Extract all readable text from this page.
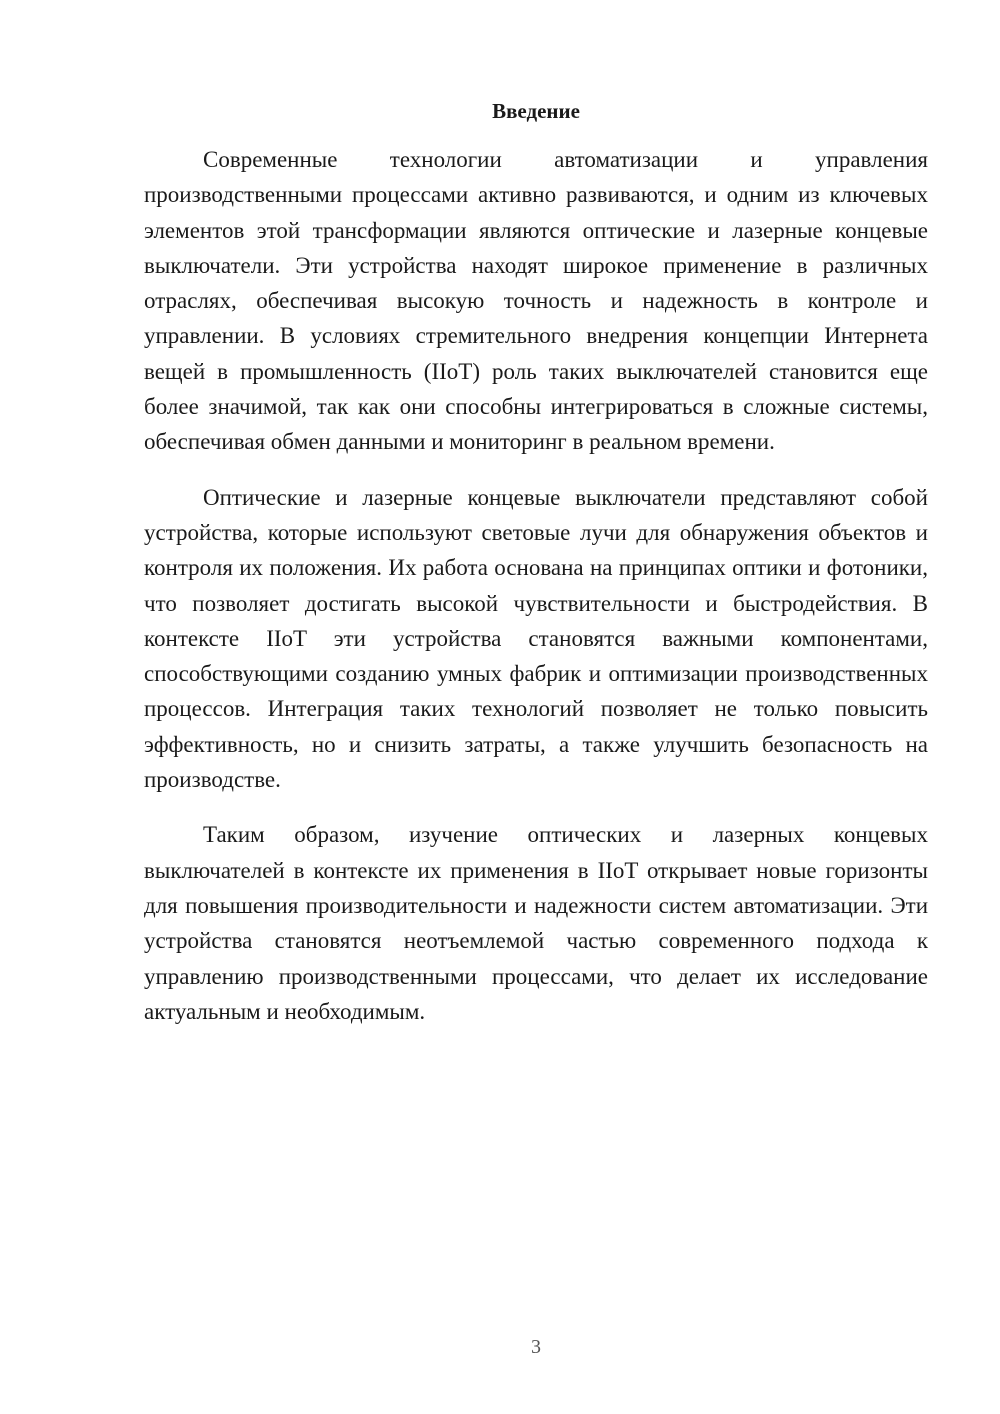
Введение

Современные технологии автоматизации и управления производственными процессами активно развиваются, и одним из ключевых элементов этой трансформации являются оптические и лазерные концевые выключатели. Эти устройства находят широкое применение в различных отраслях, обеспечивая высокую точность и надежность в контроле и управлении. В условиях стремительного внедрения концепции Интернета вещей в промышленность (IIoT) роль таких выключателей становится еще более значимой, так как они способны интегрироваться в сложные системы, обеспечивая обмен данными и мониторинг в реальном времени.

Оптические и лазерные концевые выключатели представляют собой устройства, которые используют световые лучи для обнаружения объектов и контроля их положения. Их работа основана на принципах оптики и фотоники, что позволяет достигать высокой чувствительности и быстродействия. В контексте IIoT эти устройства становятся важными компонентами, способствующими созданию умных фабрик и оптимизации производственных процессов. Интеграция таких технологий позволяет не только повысить эффективность, но и снизить затраты, а также улучшить безопасность на производстве.

Таким образом, изучение оптических и лазерных концевых выключателей в контексте их применения в IIoT открывает новые горизонты для повышения производительности и надежности систем автоматизации. Эти устройства становятся неотъемлемой частью современного подхода к управлению производственными процессами, что делает их исследование актуальным и необходимым.

3
